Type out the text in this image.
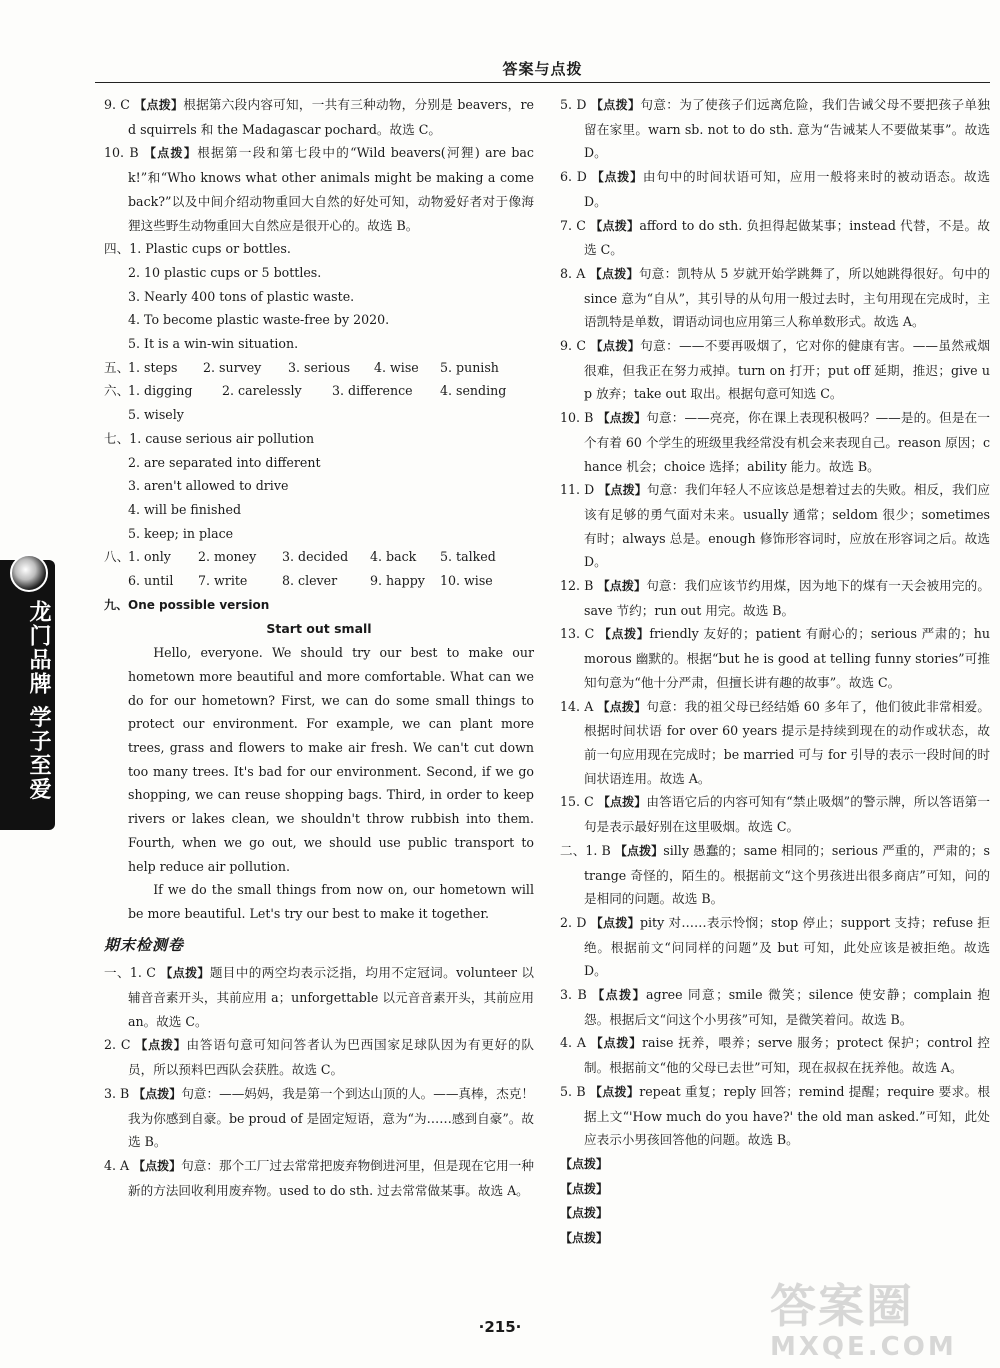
答案与点拨
龙门品牌 学子至爱

9. C 【点拨】根据第六段内容可知，一共有三种动物，分别是 beavers，red squirrels 和 the Madagascar pochard。故选 C。

10. B 【点拨】根据第一段和第七段中的“Wild beavers(河狸) are back!”和“Who knows what other animals might be making a comeback?”以及中间介绍动物重回大自然的好处可知，动物爱好者对于像海狸这些野生动物重回大自然应是很开心的。故选 B。

四、1. Plastic cups or bottles.

2. 10 plastic cups or 5 bottles.

3. Nearly 400 tons of plastic waste.

4. To become plastic waste-free by 2020.

5. It is a win-win situation.

五、
1. steps	2. survey	3. serious	4. wise	5. punish
六、
1. digging	2. carelessly	3. difference	4. sending

5. wisely

七、1. cause serious air pollution

2. are separated into different

3. aren't allowed to drive

4. will be finished

5. keep; in place

八、
1. only	2. money	3. decided	4. back	5. talked
6. until	7. write	8. clever	9. happy	10. wise

九、One possible version

Start out small

Hello, everyone. We should try our best to make our hometown more beautiful and more comfortable. What can we do for our hometown? First, we can do some small things to protect our environment. For example, we can plant more trees, grass and flowers to make air fresh. We can't cut down too many trees. It's bad for our environment. Second, if we go shopping, we can reuse shopping bags. Third, in order to keep rivers or lakes clean, we shouldn't throw rubbish into them. Fourth, when we go out, we should use public transport to help reduce air pollution.

If we do the small things from now on, our hometown will be more beautiful. Let's try our best to make it together.

期末检测卷

一、1. C 【点拨】题目中的两空均表示泛指，均用不定冠词。volunteer 以辅音音素开头，其前应用 a；unforgettable 以元音音素开头，其前应用 an。故选 C。

2. C 【点拨】由答语句意可知问答者认为巴西国家足球队因为有更好的队员，所以预料巴西队会获胜。故选 C。

3. B 【点拨】句意：——妈妈，我是第一个到达山顶的人。——真棒，杰克！我为你感到自豪。be proud of 是固定短语，意为“为……感到自豪”。故选 B。

4. A 【点拨】句意：那个工厂过去常常把废弃物倒进河里，但是现在它用一种新的方法回收利用废弃物。used to do sth. 过去常常做某事。故选 A。

5. D 【点拨】句意：为了使孩子们远离危险，我们告诫父母不要把孩子单独留在家里。warn sb. not to do sth. 意为“告诫某人不要做某事”。故选 D。

6. D 【点拨】由句中的时间状语可知，应用一般将来时的被动语态。故选 D。

7. C 【点拨】afford to do sth. 负担得起做某事；instead 代替，不是。故选 C。

8. A 【点拨】句意：凯特从 5 岁就开始学跳舞了，所以她跳得很好。句中的 since 意为“自从”，其引导的从句用一般过去时，主句用现在完成时，主语凯特是单数，谓语动词也应用第三人称单数形式。故选 A。

9. C 【点拨】句意：——不要再吸烟了，它对你的健康有害。——虽然戒烟很难，但我正在努力戒掉。turn on 打开；put off 延期，推迟；give up 放弃；take out 取出。根据句意可知选 C。

10. B 【点拨】句意：——亮亮，你在课上表现积极吗？——是的。但是在一个有着 60 个学生的班级里我经常没有机会来表现自己。reason 原因；chance 机会；choice 选择；ability 能力。故选 B。

11. D 【点拨】句意：我们年轻人不应该总是想着过去的失败。相反，我们应该有足够的勇气面对未来。usually 通常；seldom 很少；sometimes 有时；always 总是。enough 修饰形容词时，应放在形容词之后。故选 D。

12. B 【点拨】句意：我们应该节约用煤，因为地下的煤有一天会被用完的。save 节约；run out 用完。故选 B。

13. C 【点拨】friendly 友好的；patient 有耐心的；serious 严肃的；humorous 幽默的。根据“but he is good at telling funny stories”可推知句意为“他十分严肃，但擅长讲有趣的故事”。故选 C。

14. A 【点拨】句意：我的祖父母已经结婚 60 多年了，他们彼此非常相爱。根据时间状语 for over 60 years 提示是持续到现在的动作或状态，故前一句应用现在完成时；be married 可与 for 引导的表示一段时间的时间状语连用。故选 A。

15. C 【点拨】由答语它后的内容可知有“禁止吸烟”的警示牌，所以答语第一句是表示最好别在这里吸烟。故选 C。

二、1. B 【点拨】silly 愚蠢的；same 相同的；serious 严重的，严肃的；strange 奇怪的，陌生的。根据前文“这个男孩进出很多商店”可知，问的是相同的问题。故选 B。

2. D 【点拨】pity 对……表示怜悯；stop 停止；support 支持；refuse 拒绝。根据前文“问同样的问题”及 but 可知，此处应该是被拒绝。故选 D。

3. B 【点拨】agree 同意；smile 微笑；silence 使安静；complain 抱怨。根据后文“问这个小男孩”可知，是微笑着问。故选 B。

4. A 【点拨】raise 抚养，喂养；serve 服务；protect 保护；control 控制。根据前文“他的父母已去世”可知，现在叔叔在抚养他。故选 A。

5. B 【点拨】repeat 重复；reply 回答；remind 提醒；require 要求。根据上文“'How much do you have?' the old man asked.”可知，此处应表示小男孩回答他的问题。故选 B。

【点拨】

【点拨】

【点拨】

【点拨】

·215·	答案圈
MXQE.COM
